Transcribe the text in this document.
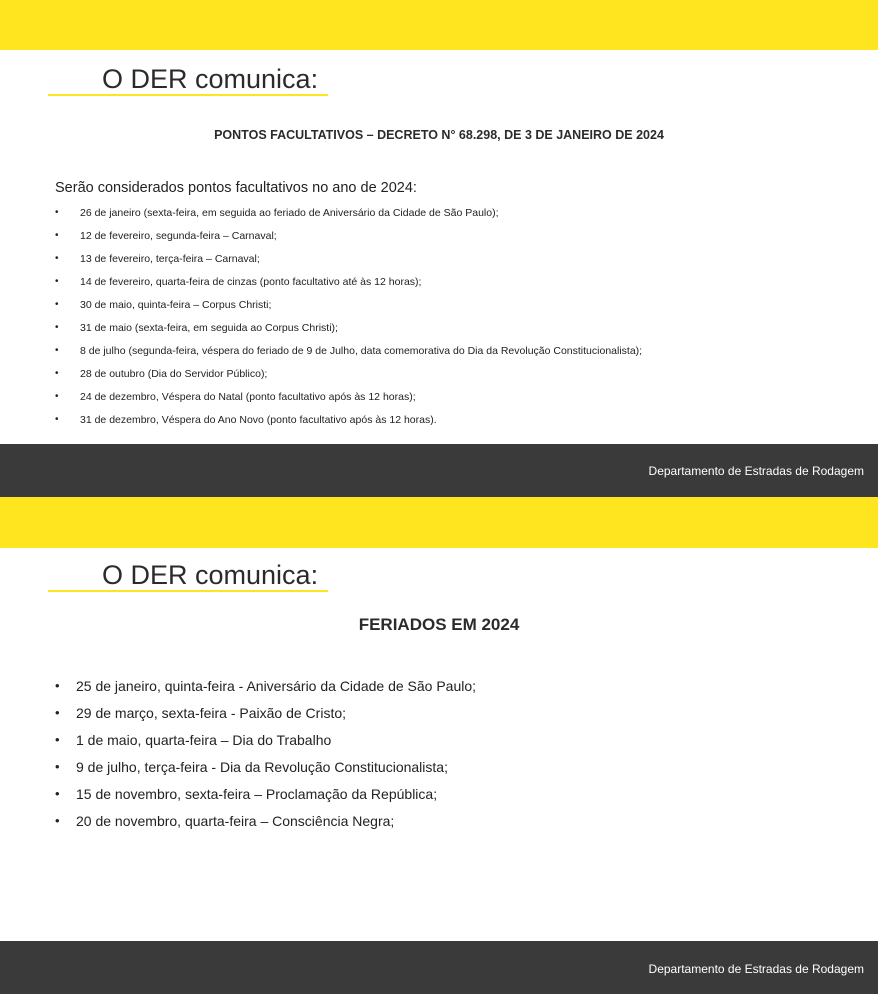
O DER comunica:
PONTOS FACULTATIVOS – DECRETO N° 68.298, DE 3 DE JANEIRO DE 2024
Serão considerados pontos facultativos no ano de 2024:
• 26 de janeiro (sexta-feira, em seguida ao feriado de Aniversário da Cidade de São Paulo);
• 12 de fevereiro, segunda-feira – Carnaval;
• 13 de fevereiro, terça-feira – Carnaval;
• 14 de fevereiro, quarta-feira de cinzas (ponto facultativo até às 12 horas);
• 30 de maio, quinta-feira – Corpus Christi;
• 31 de maio (sexta-feira, em seguida ao Corpus Christi);
• 8 de julho (segunda-feira, véspera do feriado de 9 de Julho, data comemorativa do Dia da Revolução Constitucionalista);
• 28 de outubro (Dia do Servidor Público);
• 24 de dezembro, Véspera do Natal (ponto facultativo após às 12 horas);
• 31 de dezembro, Véspera do Ano Novo (ponto facultativo após às 12 horas).
Departamento de Estradas de Rodagem
O DER comunica:
FERIADOS EM 2024
• 25 de janeiro, quinta-feira - Aniversário da Cidade de São Paulo;
• 29 de março, sexta-feira - Paixão de Cristo;
• 1 de maio, quarta-feira – Dia do Trabalho
• 9 de julho, terça-feira - Dia da Revolução Constitucionalista;
• 15 de novembro, sexta-feira – Proclamação da República;
• 20 de novembro, quarta-feira – Consciência Negra;
Departamento de Estradas de Rodagem
